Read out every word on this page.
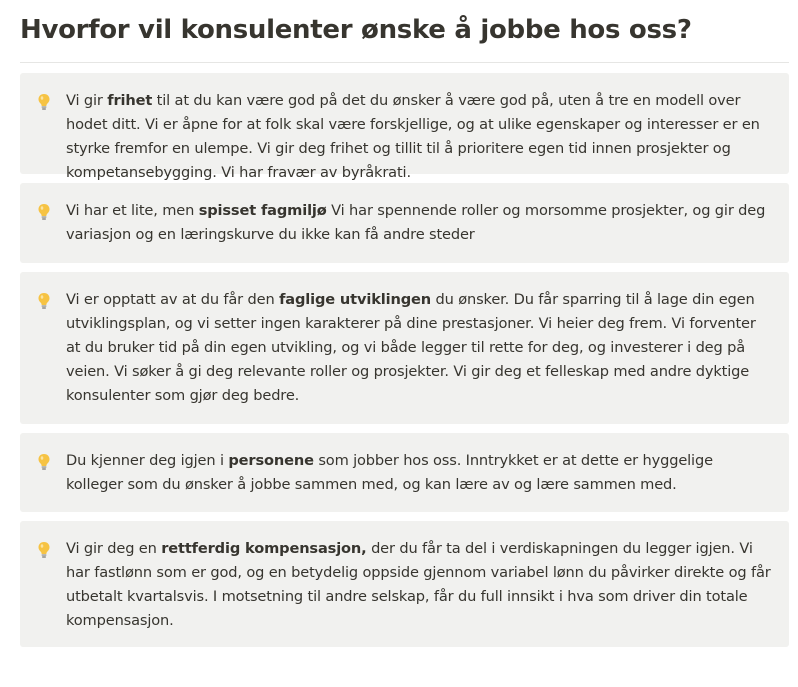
Hvorfor vil konsulenter ønske å jobbe hos oss?

Vi gir frihet til at du kan være god på det du ønsker å være god på, uten å tre en modell over hodet ditt. Vi er åpne for at folk skal være forskjellige, og at ulike egenskaper og interesser er en styrke fremfor en ulempe. Vi gir deg frihet og tillit til å prioritere egen tid innen prosjekter og kompetansebygging. Vi har fravær av byråkrati.

Vi har et lite, men spisset fagmiljø Vi har spennende roller og morsomme prosjekter, og gir deg variasjon og en læringskurve du ikke kan få andre steder

Vi er opptatt av at du får den faglige utviklingen du ønsker. Du får sparring til å lage din egen utviklingsplan, og vi setter ingen karakterer på dine prestasjoner. Vi heier deg frem. Vi forventer at du bruker tid på din egen utvikling, og vi både legger til rette for deg, og investerer i deg på veien. Vi søker å gi deg relevante roller og prosjekter. Vi gir deg et felleskap med andre dyktige konsulenter som gjør deg bedre.

Du kjenner deg igjen i personene som jobber hos oss. Inntrykket er at dette er hyggelige kolleger som du ønsker å jobbe sammen med, og kan lære av og lære sammen med.

Vi gir deg en rettferdig kompensasjon, der du får ta del i verdiskapningen du legger igjen. Vi har fastlønn som er god, og en betydelig oppside gjennom variabel lønn du påvirker direkte og får utbetalt kvartalsvis. I motsetning til andre selskap, får du full innsikt i hva som driver din totale kompensasjon.
